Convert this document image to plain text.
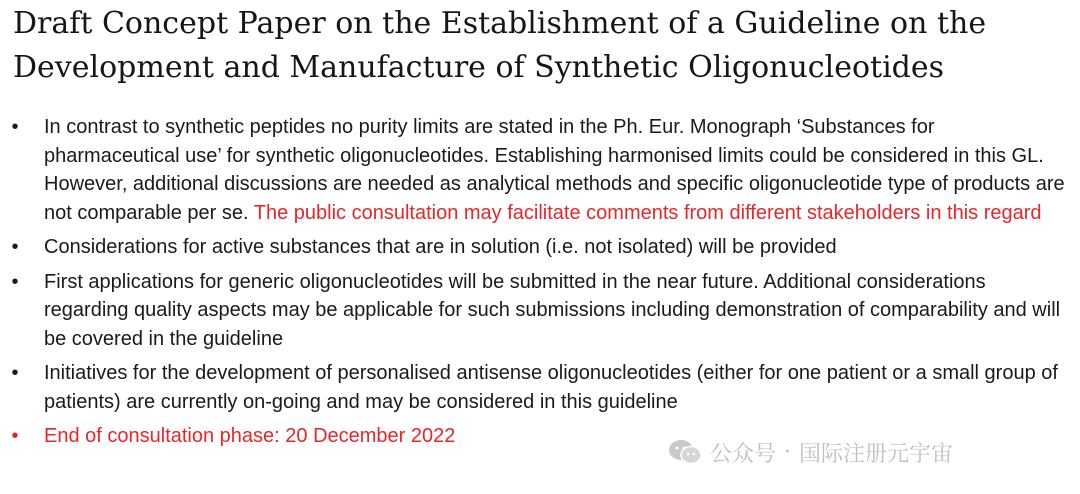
Draft Concept Paper on the Establishment of a Guideline on the Development and Manufacture of Synthetic Oligonucleotides
• In contrast to synthetic peptides no purity limits are stated in the Ph. Eur. Monograph ‘Substances for pharmaceutical use’ for synthetic oligonucleotides. Establishing harmonised limits could be considered in this GL. However, additional discussions are needed as analytical methods and specific oligonucleotide type of products are not comparable per se. The public consultation may facilitate comments from different stakeholders in this regard
• Considerations for active substances that are in solution (i.e. not isolated) will be provided
• First applications for generic oligonucleotides will be submitted in the near future. Additional considerations regarding quality aspects may be applicable for such submissions including demonstration of comparability and will be covered in the guideline
• Initiatives for the development of personalised antisense oligonucleotides (either for one patient or a small group of patients) are currently on-going and may be considered in this guideline
• End of consultation phase: 20 December 2022
公众号 · 国际注册元宇宙
